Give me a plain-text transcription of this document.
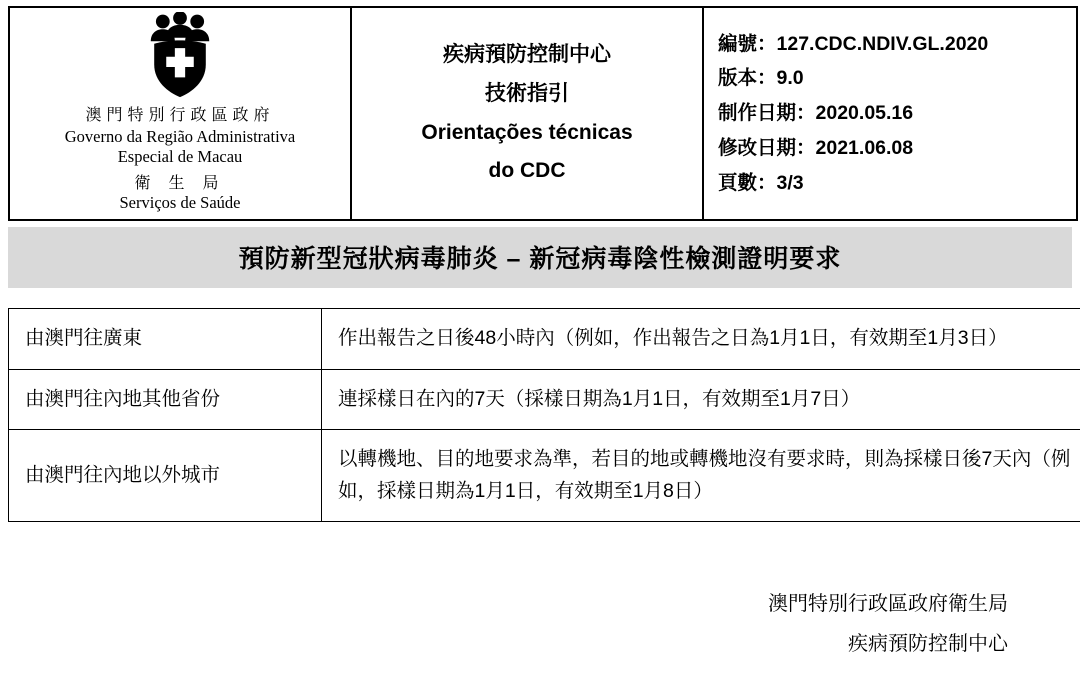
澳門特別行政區政府
Governo da Região Administrativa
Especial de Macau
衛 生 局
Serviços de Saúde

疾病預防控制中心
技術指引
Orientações técnicas
do CDC

編號：127.CDC.NDIV.GL.2020
版本：9.0
制作日期：2020.05.16
修改日期：2021.06.08
頁數：3/3
預防新型冠狀病毒肺炎 – 新冠病毒陰性檢測證明要求
由澳門往廣東	作出報告之日後48小時內（例如，作出報告之日為1月1日，有效期至1月3日）
由澳門往內地其他省份	連採樣日在內的7天（採樣日期為1月1日，有效期至1月7日）
由澳門往內地以外城市	以轉機地、目的地要求為準，若目的地或轉機地沒有要求時，則為採樣日後7天內（例如，採樣日期為1月1日，有效期至1月8日）
澳門特別行政區政府衛生局
疾病預防控制中心
